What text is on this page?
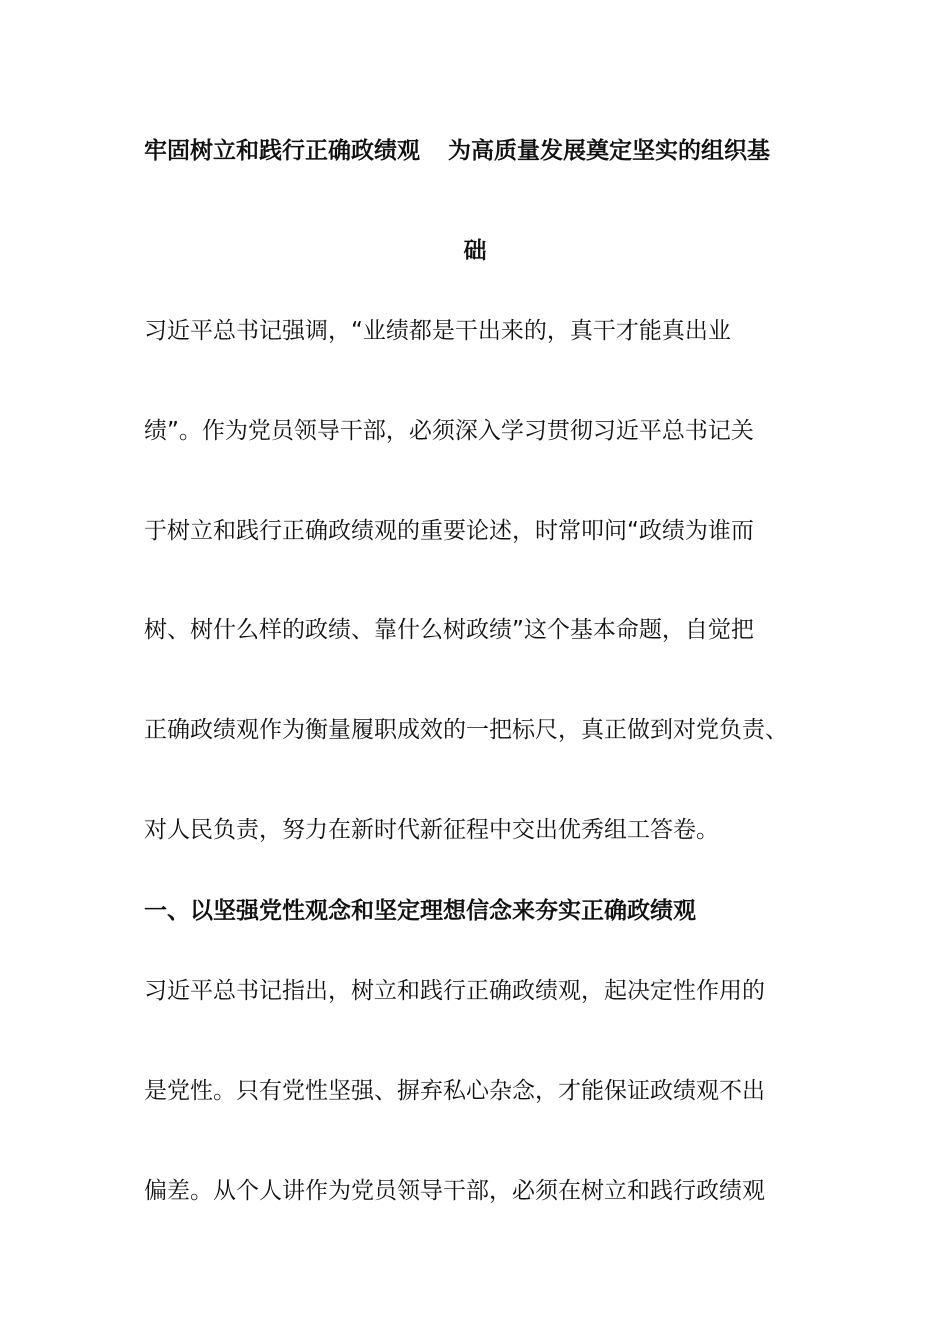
牢固树立和践行正确政绩观 为高质量发展奠定坚实的组织基
础
习近平总书记强调，“业绩都是干出来的，真干才能真出业
绩”。作为党员领导干部，必须深入学习贯彻习近平总书记关
于树立和践行正确政绩观的重要论述，时常叩问“政绩为谁而
树、树什么样的政绩、靠什么树政绩”这个基本命题，自觉把
正确政绩观作为衡量履职成效的一把标尺，真正做到对党负责、
对人民负责，努力在新时代新征程中交出优秀组工答卷。
一、以坚强党性观念和坚定理想信念来夯实正确政绩观
习近平总书记指出，树立和践行正确政绩观，起决定性作用的
是党性。只有党性坚强、摒弃私心杂念，才能保证政绩观不出
偏差。从个人讲作为党员领导干部，必须在树立和践行政绩观
